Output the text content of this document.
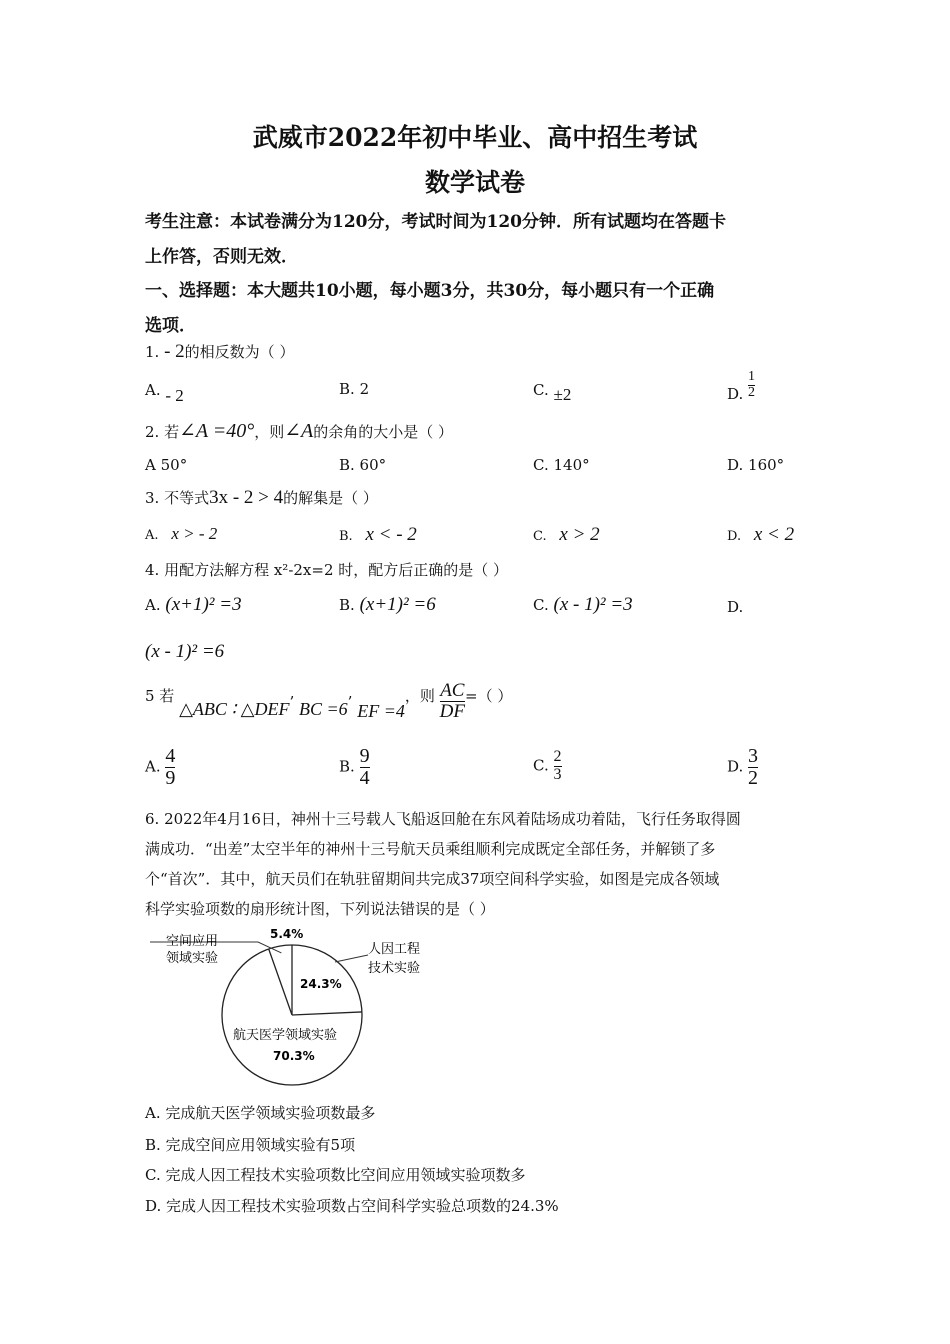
武威市2022年初中毕业、高中招生考试
数学试卷
考生注意：本试卷满分为120分，考试时间为120分钟．所有试题均在答题卡
上作答，否则无效．
一、选择题：本大题共10小题，每小题3分，共30分，每小题只有一个正确
选项．
1. - 2的相反数为（ ）
A. - 2	B. 2	C. ±2	D. $\frac{1}{2}$
2. 若∠A =40°，则∠A的余角的大小是（ ）
A 50°	B. 60°	C. 140°	D. 160°
3. 不等式3x - 2 > 4的解集是（ ）
A. x > - 2	B. x < - 2	C. x > 2	D. x < 2
4. 用配方法解方程 x²-2x=2 时，配方后正确的是（ ）
A. (x+1)² =3	B. (x+1)² =6	C. (x - 1)² =3	D.
(x - 1)² =6
5 若 △ABC ∶ △DEF’ BC =6’ EF =4，则 $\frac{AC}{DF}$ =（ ）
A. $\frac{4}{9}$	B. $\frac{9}{4}$	C. $\frac{2}{3}$	D. $\frac{3}{2}$
6. 2022年4月16日，神州十三号载人飞船返回舱在东风着陆场成功着陆，飞行任务取得圆
满成功．“出差”太空半年的神州十三号航天员乘组顺利完成既定全部任务，并解锁了多
个“首次”．其中，航天员们在轨驻留期间共完成37项空间科学实验，如图是完成各领域
科学实验项数的扇形统计图，下列说法错误的是（ ）
空间应用
领域实验
5.4%
人因工程
技术实验
24.3%
航天医学领域实验
70.3%
A. 完成航天医学领域实验项数最多
B. 完成空间应用领域实验有5项
C. 完成人因工程技术实验项数比空间应用领域实验项数多
D. 完成人因工程技术实验项数占空间科学实验总项数的24.3%
